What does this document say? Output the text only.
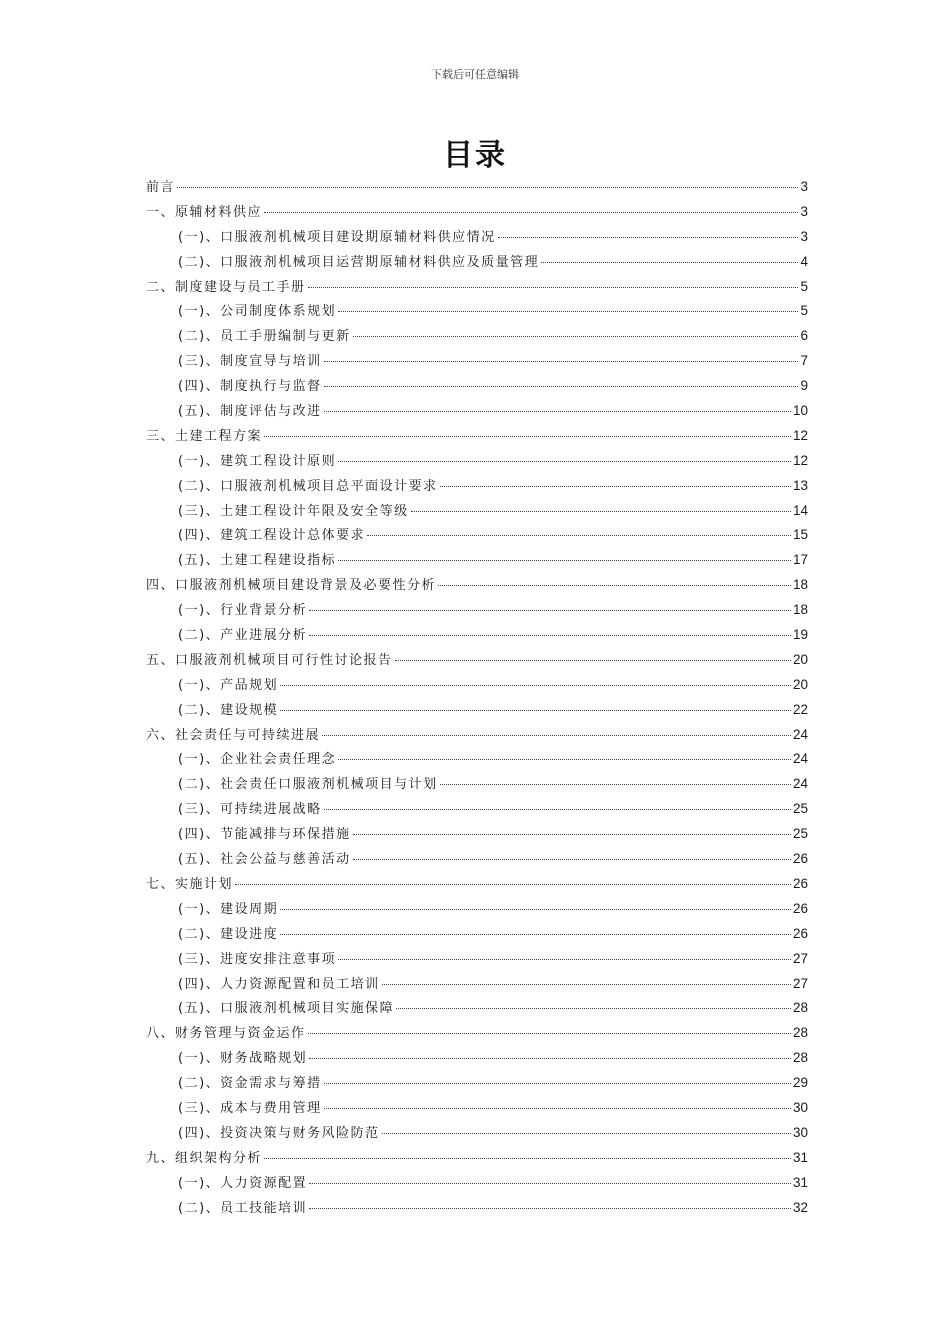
下载后可任意编辑
目录
前言	3
一、原辅材料供应	3
(一)、口服液剂机械项目建设期原辅材料供应情况	3
(二)、口服液剂机械项目运营期原辅材料供应及质量管理	4
二、制度建设与员工手册	5
(一)、公司制度体系规划	5
(二)、员工手册编制与更新	6
(三)、制度宣导与培训	7
(四)、制度执行与监督	9
(五)、制度评估与改进	10
三、土建工程方案	12
(一)、建筑工程设计原则	12
(二)、口服液剂机械项目总平面设计要求	13
(三)、土建工程设计年限及安全等级	14
(四)、建筑工程设计总体要求	15
(五)、土建工程建设指标	17
四、口服液剂机械项目建设背景及必要性分析	18
(一)、行业背景分析	18
(二)、产业进展分析	19
五、口服液剂机械项目可行性讨论报告	20
(一)、产品规划	20
(二)、建设规模	22
六、社会责任与可持续进展	24
(一)、企业社会责任理念	24
(二)、社会责任口服液剂机械项目与计划	24
(三)、可持续进展战略	25
(四)、节能减排与环保措施	25
(五)、社会公益与慈善活动	26
七、实施计划	26
(一)、建设周期	26
(二)、建设进度	26
(三)、进度安排注意事项	27
(四)、人力资源配置和员工培训	27
(五)、口服液剂机械项目实施保障	28
八、财务管理与资金运作	28
(一)、财务战略规划	28
(二)、资金需求与筹措	29
(三)、成本与费用管理	30
(四)、投资决策与财务风险防范	30
九、组织架构分析	31
(一)、人力资源配置	31
(二)、员工技能培训	32
